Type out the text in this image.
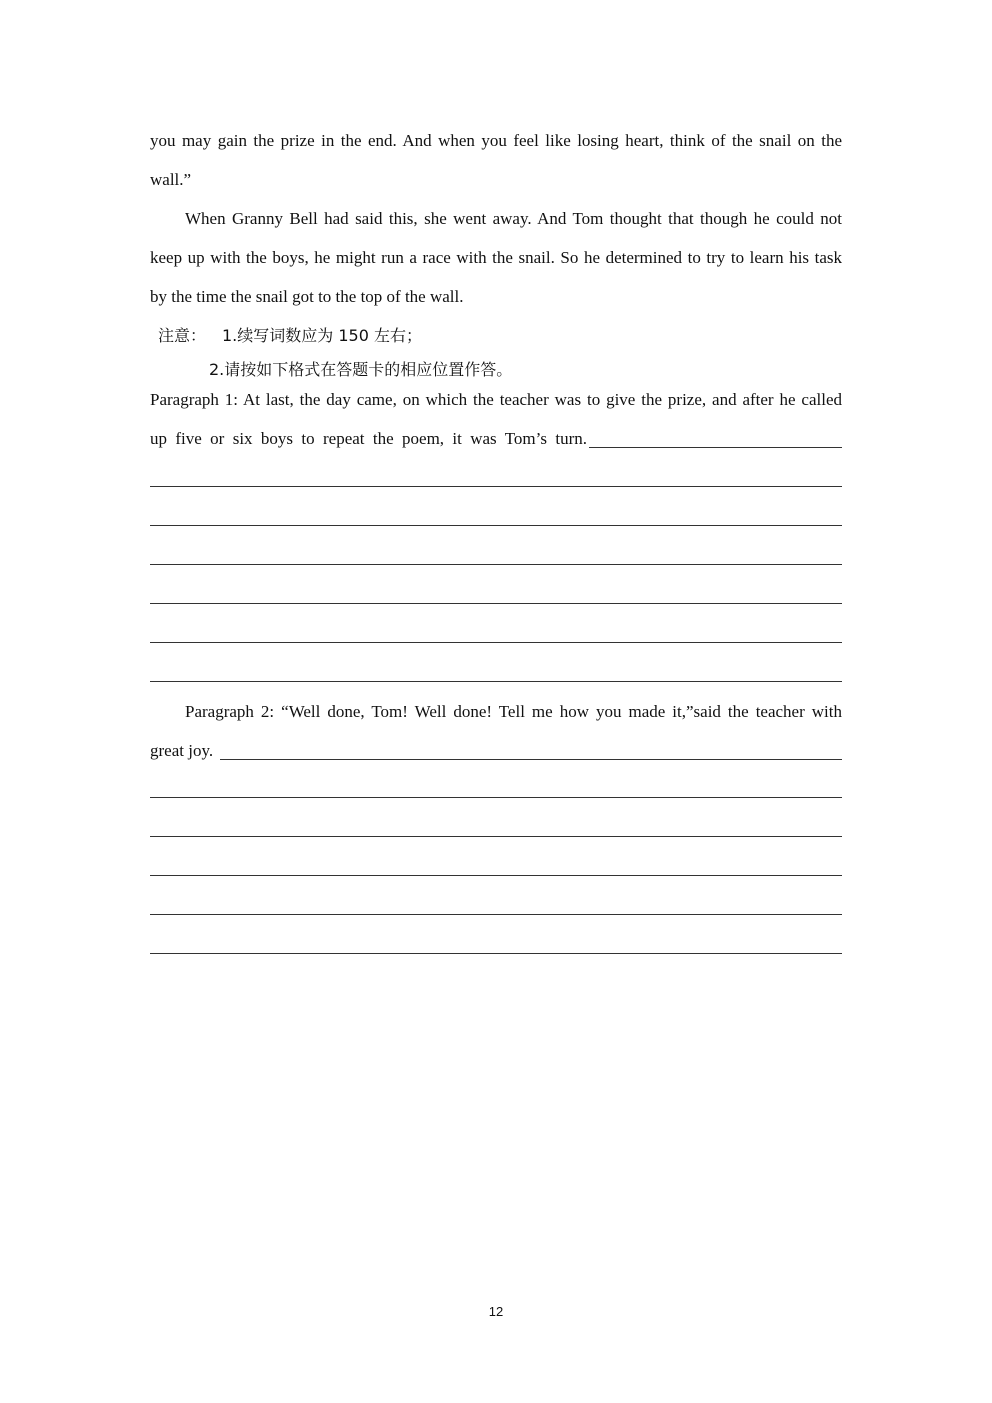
you may gain the prize in the end. And when you feel like losing heart, think of the snail on the
wall.”
When Granny Bell had said this, she went away. And Tom thought that though he could not
keep up with the boys, he might run a race with the snail. So he determined to try to learn his task
by the time the snail got to the top of the wall.
注意： 1.续写词数应为 150 左右；
2.请按如下格式在答题卡的相应位置作答。
Paragraph 1: At last, the day came, on which the teacher was to give the prize, and after he called
up five or six boys to repeat the poem, it was Tom’s turn.
Paragraph 2: “Well done, Tom! Well done! Tell me how you made it,”said the teacher with
great joy.
12
